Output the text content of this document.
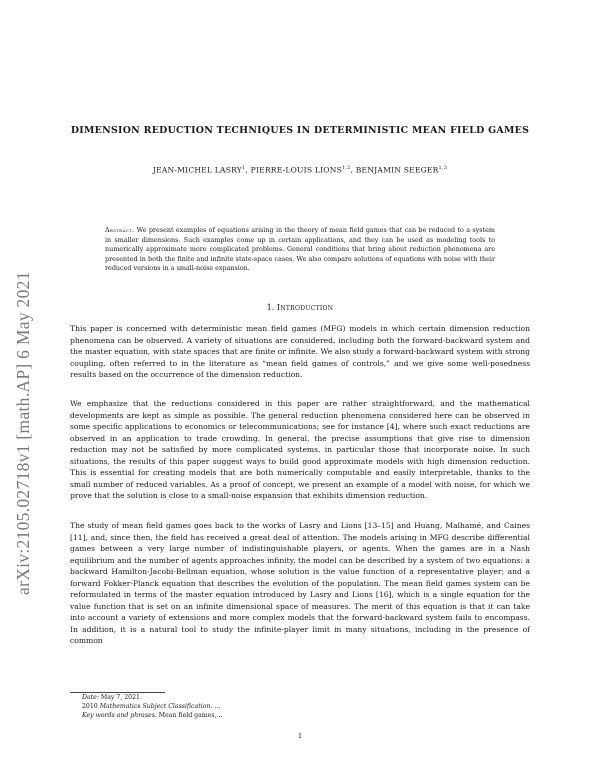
arXiv:2105.02718v1 [math.AP] 6 May 2021
DIMENSION REDUCTION TECHNIQUES IN DETERMINISTIC MEAN FIELD GAMES
JEAN-MICHEL LASRY$^1$, PIERRE-LOUIS LIONS$^{1,2}$, BENJAMIN SEEGER$^{1,3}$
Abstract. We present examples of equations arising in the theory of mean field games that can be reduced to a system in smaller dimensions. Such examples come up in certain applications, and they can be used as modeling tools to numerically approximate more complicated problems. General conditions that bring about reduction phenomena are presented in both the finite and infinite state-space cases. We also compare solutions of equations with noise with their reduced versions in a small-noise expansion.
1. Introduction
This paper is concerned with deterministic mean field games (MFG) models in which certain dimension reduction phenomena can be observed. A variety of situations are considered, including both the forward-backward system and the master equation, with state spaces that are finite or infinite. We also study a forward-backward system with strong coupling, often referred to in the literature as “mean field games of controls,” and we give some well-posedness results based on the occurrence of the dimension reduction.
We emphasize that the reductions considered in this paper are rather straightforward, and the mathematical developments are kept as simple as possible. The general reduction phenomena considered here can be observed in some specific applications to economics or telecommunications; see for instance [4], where such exact reductions are observed in an application to trade crowding. In general, the precise assumptions that give rise to dimension reduction may not be satisfied by more complicated systems, in particular those that incorporate noise. In such situations, the results of this paper suggest ways to build good approximate models with high dimension reduction. This is essential for creating models that are both numerically computable and easily interpretable, thanks to the small number of reduced variables. As a proof of concept, we present an example of a model with noise, for which we prove that the solution is close to a small-noise expansion that exhibits dimension reduction.
The study of mean field games goes back to the works of Lasry and Lions [13–15] and Huang, Malhamé, and Caines [11], and, since then, the field has received a great deal of attention. The models arising in MFG describe differential games between a very large number of indistinguishable players, or agents. When the games are in a Nash equilibrium and the number of agents approaches infinity, the model can be described by a system of two equations: a backward Hamilton-Jacobi-Bellman equation, whose solution is the value function of a representative player; and a forward Fokker-Planck equation that describes the evolution of the population. The mean field games system can be reformulated in terms of the master equation introduced by Lasry and Lions [16], which is a single equation for the value function that is set on an infinite dimensional space of measures. The merit of this equation is that it can take into account a variety of extensions and more complex models that the forward-backward system fails to encompass. In addition, it is a natural tool to study the infinite-player limit in many situations, including in the presence of common
Date: May 7, 2021.
2010 Mathematics Subject Classification. ...
Key words and phrases. Mean field games,...
1
